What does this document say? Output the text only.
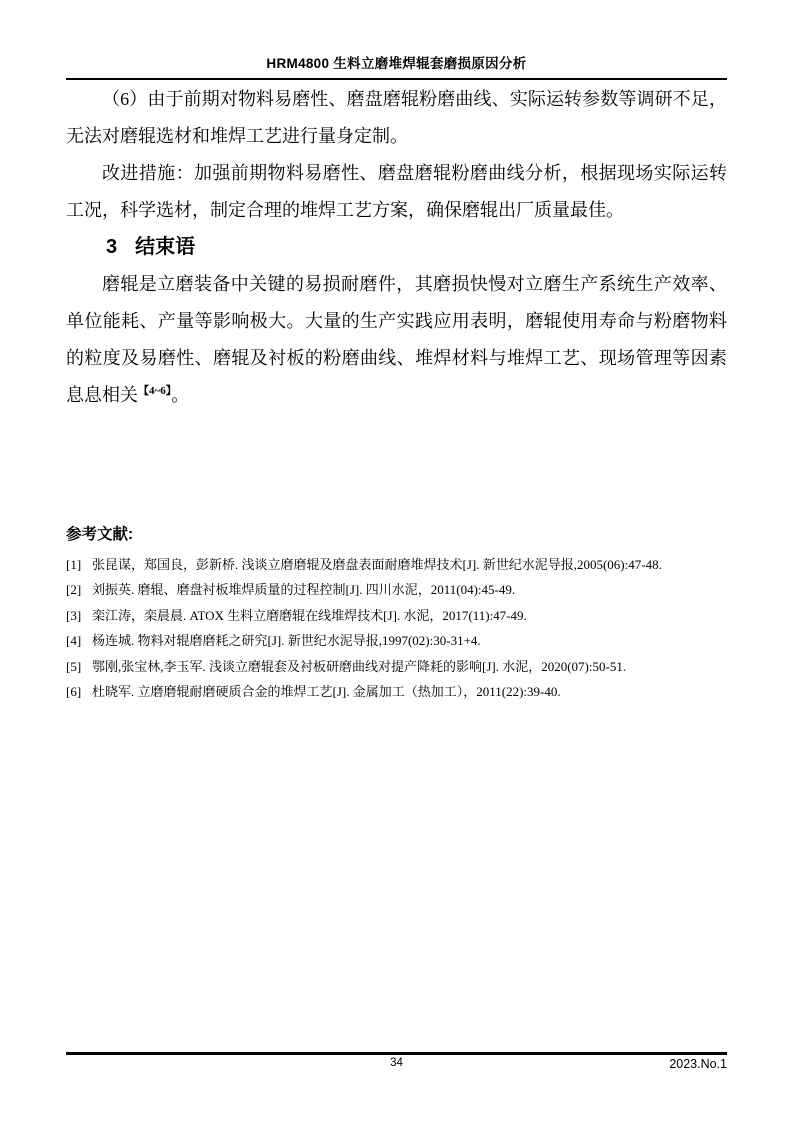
HRM4800 生料立磨堆焊辊套磨损原因分析

（6）由于前期对物料易磨性、磨盘磨辊粉磨曲线、实际运转参数等调研不足，无法对磨辊选材和堆焊工艺进行量身定制。

改进措施：加强前期物料易磨性、磨盘磨辊粉磨曲线分析，根据现场实际运转工况，科学选材，制定合理的堆焊工艺方案，确保磨辊出厂质量最佳。

3 结束语

磨辊是立磨装备中关键的易损耐磨件，其磨损快慢对立磨生产系统生产效率、单位能耗、产量等影响极大。大量的生产实践应用表明，磨辊使用寿命与粉磨物料的粒度及易磨性、磨辊及衬板的粉磨曲线、堆焊材料与堆焊工艺、现场管理等因素息息相关$^{【4\sim 6】}$。

参考文献:

[1] 张昆谋，郑国良，彭新桥. 浅谈立磨磨辊及磨盘表面耐磨堆焊技术[J]. 新世纪水泥导报,2005(06):47-48.
[2] 刘振英. 磨辊、磨盘衬板堆焊质量的过程控制[J]. 四川水泥，2011(04):45-49.
[3] 栾江涛，栾晨晨. ATOX 生料立磨磨辊在线堆焊技术[J]. 水泥，2017(11):47-49.
[4] 杨连城. 物料对辊磨磨耗之研究[J]. 新世纪水泥导报,1997(02):30-31+4.
[5] 鄂刚,张宝林,李玉军. 浅谈立磨辊套及衬板研磨曲线对提产降耗的影响[J]. 水泥，2020(07):50-51.
[6] 杜晓军. 立磨磨辊耐磨硬质合金的堆焊工艺[J]. 金属加工（热加工），2011(22):39-40.
34	2023.No.1
